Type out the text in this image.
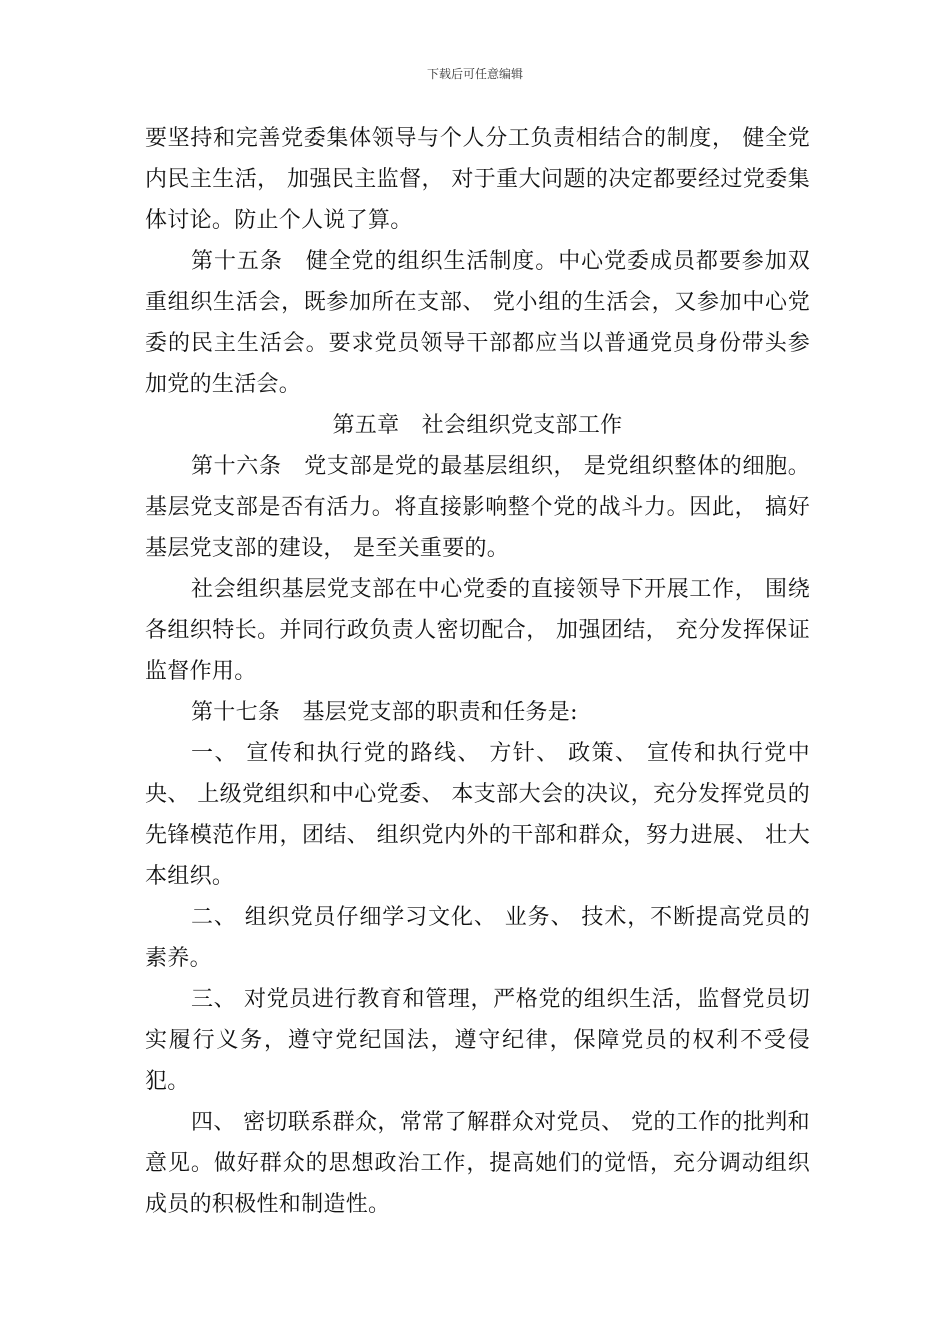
下载后可任意编辑

要坚持和完善党委集体领导与个人分工负责相结合的制度， 健全党内民主生活， 加强民主监督， 对于重大问题的决定都要经过党委集体讨论。防止个人说了算。

第十五条　健全党的组织生活制度。中心党委成员都要参加双重组织生活会，既参加所在支部、 党小组的生活会，又参加中心党委的民主生活会。要求党员领导干部都应当以普通党员身份带头参加党的生活会。

第五章　社会组织党支部工作

第十六条　党支部是党的最基层组织， 是党组织整体的细胞。基层党支部是否有活力。将直接影响整个党的战斗力。因此， 搞好基层党支部的建设， 是至关重要的。

社会组织基层党支部在中心党委的直接领导下开展工作， 围绕各组织特长。并同行政负责人密切配合， 加强团结， 充分发挥保证监督作用。

第十七条　基层党支部的职责和任务是:

一、 宣传和执行党的路线、 方针、 政策、 宣传和执行党中央、 上级党组织和中心党委、 本支部大会的决议，充分发挥党员的先锋模范作用，团结、 组织党内外的干部和群众，努力进展、 壮大本组织。

二、 组织党员仔细学习文化、 业务、 技术，不断提高党员的素养。

三、 对党员进行教育和管理，严格党的组织生活，监督党员切实履行义务，遵守党纪国法，遵守纪律，保障党员的权利不受侵犯。

四、 密切联系群众，常常了解群众对党员、 党的工作的批判和意见。做好群众的思想政治工作，提高她们的觉悟，充分调动组织成员的积极性和制造性。
